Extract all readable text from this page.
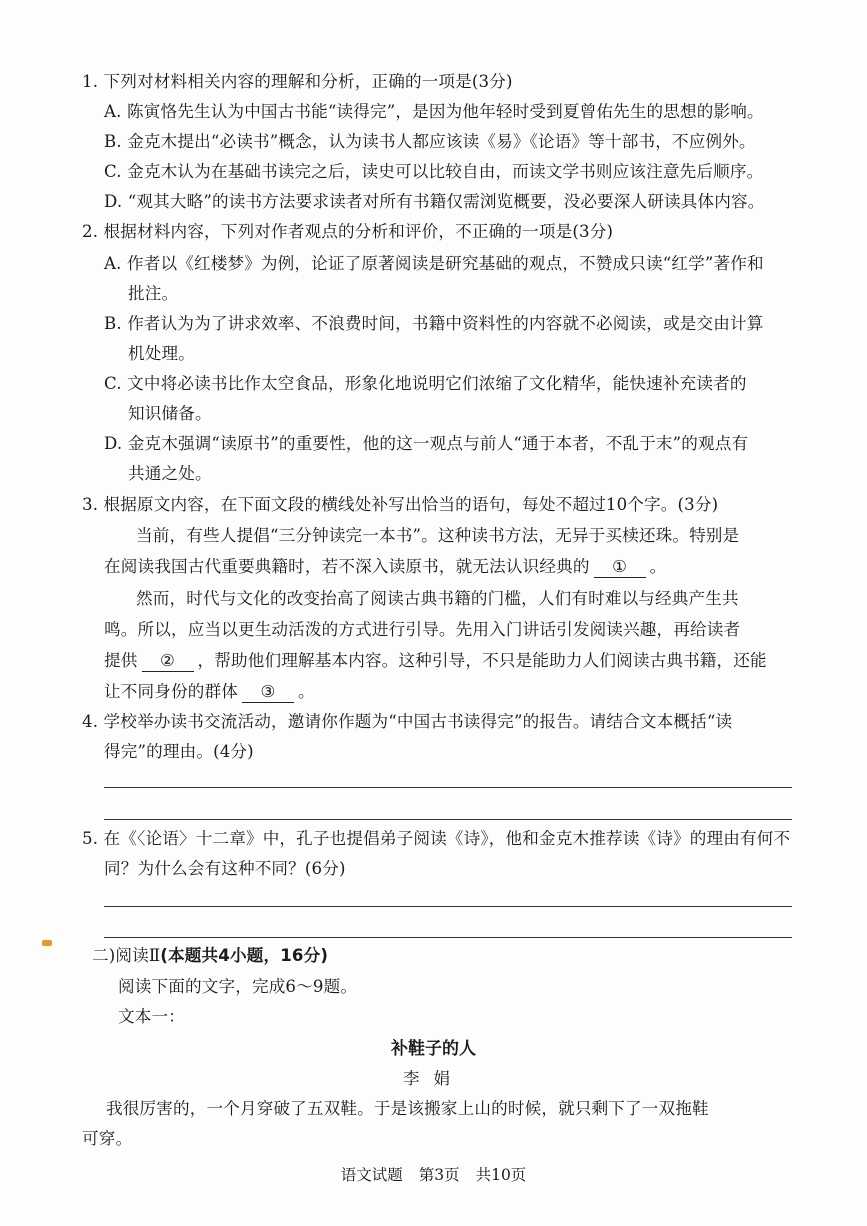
1. 下列对材料相关内容的理解和分析，正确的一项是(3分)
A. 陈寅恪先生认为中国古书能“读得完”，是因为他年轻时受到夏曾佑先生的思想的影响。
B. 金克木提出“必读书”概念，认为读书人都应该读《易》《论语》等十部书，不应例外。
C. 金克木认为在基础书读完之后，读史可以比较自由，而读文学书则应该注意先后顺序。
D. “观其大略”的读书方法要求读者对所有书籍仅需浏览概要，没必要深人研读具体内容。
2. 根据材料内容，下列对作者观点的分析和评价，不正确的一项是(3分)
A. 作者以《红楼梦》为例，论证了原著阅读是研究基础的观点，不赞成只读“红学”著作和
批注。
B. 作者认为为了讲求效率、不浪费时间，书籍中资料性的内容就不必阅读，或是交由计算
机处理。
C. 文中将必读书比作太空食品，形象化地说明它们浓缩了文化精华，能快速补充读者的
知识储备。
D. 金克木强调“读原书”的重要性，他的这一观点与前人“通于本者，不乱于末”的观点有
共通之处。
3. 根据原文内容，在下面文段的横线处补写出恰当的语句，每处不超过10个字。(3分)
当前，有些人提倡“三分钟读完一本书”。这种读书方法，无异于买椟还珠。特别是
在阅读我国古代重要典籍时，若不深入读原书，就无法认识经典的 ① 。
然而，时代与文化的改变抬高了阅读古典书籍的门槛，人们有时难以与经典产生共
鸣。所以，应当以更生动活泼的方式进行引导。先用入门讲话引发阅读兴趣，再给读者
提供 ② ，帮助他们理解基本内容。这种引导，不只是能助力人们阅读古典书籍，还能
让不同身份的群体 ③ 。
4. 学校举办读书交流活动，邀请你作题为“中国古书读得完”的报告。请结合文本概括“读
得完”的理由。(4分)
5. 在《〈论语〉十二章》中，孔子也提倡弟子阅读《诗》，他和金克木推荐读《诗》的理由有何不
同？为什么会有这种不同？(6分)
二)阅读Ⅱ(本题共4小题，16分)
阅读下面的文字，完成6～9题。
文本一：
补鞋子的人
李娟
我很厉害的，一个月穿破了五双鞋。于是该搬家上山的时候，就只剩下了一双拖鞋
可穿。
语文试题 第3页 共10页
